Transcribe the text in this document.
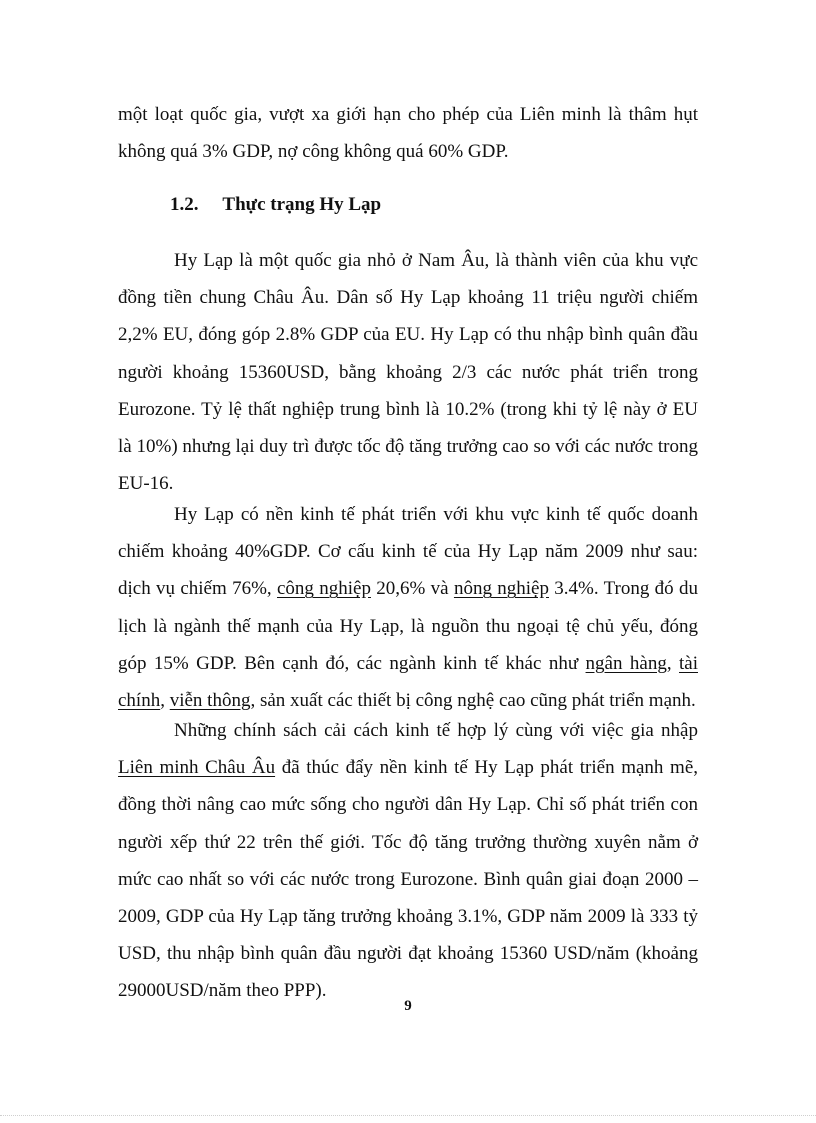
một loạt quốc gia, vượt xa giới hạn cho phép của Liên minh là thâm hụt không quá 3% GDP, nợ công không quá 60% GDP.
1.2. Thực trạng Hy Lạp

Hy Lạp là một quốc gia nhỏ ở Nam Âu, là thành viên của khu vực đồng tiền chung Châu Âu. Dân số Hy Lạp khoảng 11 triệu người chiếm 2,2% EU, đóng góp 2.8% GDP của EU. Hy Lạp có thu nhập bình quân đầu người khoảng 15360USD, bằng khoảng 2/3 các nước phát triển trong Eurozone. Tỷ lệ thất nghiệp trung bình là 10.2% (trong khi tỷ lệ này ở EU là 10%) nhưng lại duy trì được tốc độ tăng trưởng cao so với các nước trong EU-16.

Hy Lạp có nền kinh tế phát triển với khu vực kinh tế quốc doanh chiếm khoảng 40%GDP. Cơ cấu kinh tế của Hy Lạp năm 2009 như sau: dịch vụ chiếm 76%, công nghiệp 20,6% và nông nghiệp 3.4%. Trong đó du lịch là ngành thế mạnh của Hy Lạp, là nguồn thu ngoại tệ chủ yếu, đóng góp 15% GDP. Bên cạnh đó, các ngành kinh tế khác như ngân hàng, tài chính, viễn thông, sản xuất các thiết bị công nghệ cao cũng phát triển mạnh.

Những chính sách cải cách kinh tế hợp lý cùng với việc gia nhập Liên minh Châu Âu đã thúc đẩy nền kinh tế Hy Lạp phát triển mạnh mẽ, đồng thời nâng cao mức sống cho người dân Hy Lạp. Chỉ số phát triển con người xếp thứ 22 trên thế giới. Tốc độ tăng trưởng thường xuyên nằm ở mức cao nhất so với các nước trong Eurozone. Bình quân giai đoạn 2000 – 2009, GDP của Hy Lạp tăng trưởng khoảng 3.1%, GDP năm 2009 là 333 tỷ USD, thu nhập bình quân đầu người đạt khoảng 15360 USD/năm (khoảng 29000USD/năm theo PPP).

9
